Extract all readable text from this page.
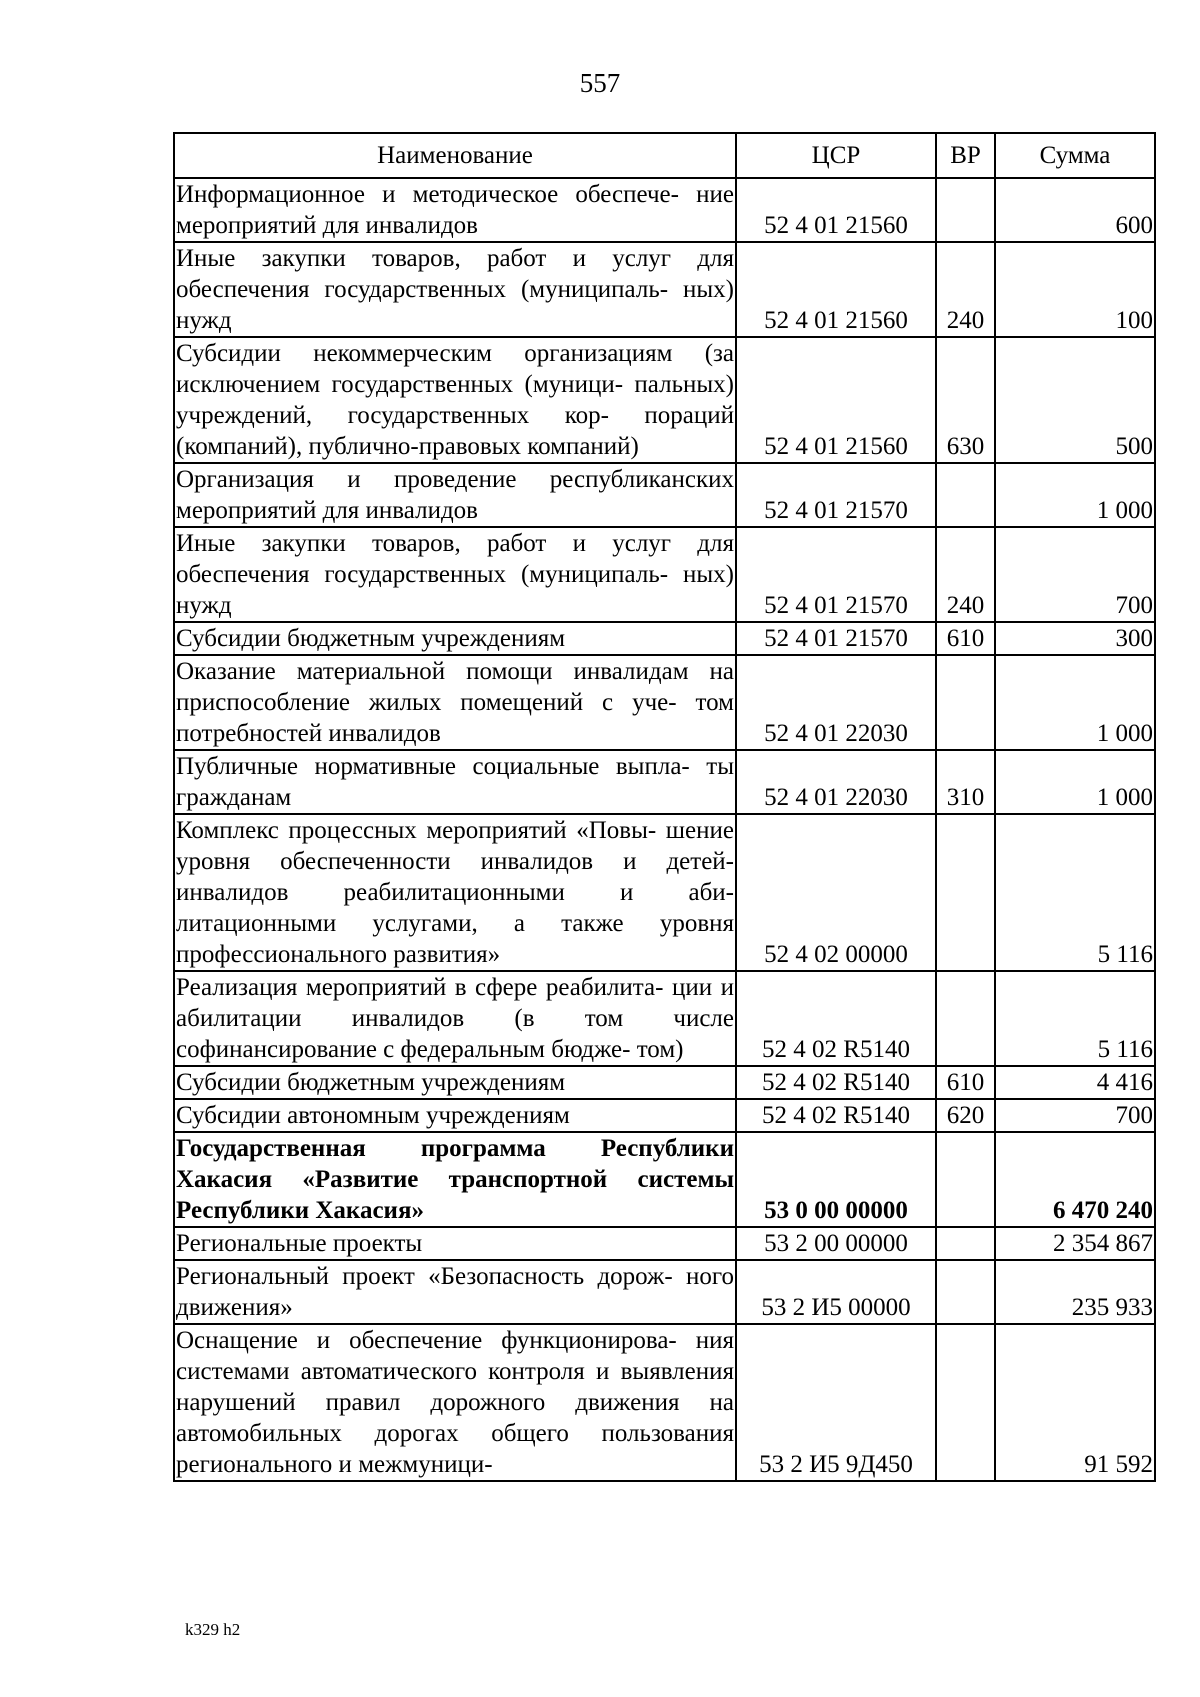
557
Наименование	ЦСР	ВР	Сумма
Информационное и методическое обеспече- ние мероприятий для инвалидов	52 4 01 21560		600
Иные закупки товаров, работ и услуг для обеспечения государственных (муниципаль- ных) нужд	52 4 01 21560	240	100
Субсидии некоммерческим организациям (за исключением государственных (муници- пальных) учреждений, государственных кор- пораций (компаний), публично-правовых компаний)	52 4 01 21560	630	500
Организация и проведение республиканских мероприятий для инвалидов	52 4 01 21570		1 000
Иные закупки товаров, работ и услуг для обеспечения государственных (муниципаль- ных) нужд	52 4 01 21570	240	700
Субсидии бюджетным учреждениям	52 4 01 21570	610	300
Оказание материальной помощи инвалидам на приспособление жилых помещений с уче- том потребностей инвалидов	52 4 01 22030		1 000
Публичные нормативные социальные выпла- ты гражданам	52 4 01 22030	310	1 000
Комплекс процессных мероприятий «Повы- шение уровня обеспеченности инвалидов и детей-инвалидов реабилитационными и аби- литационными услугами, а также уровня профессионального развития»	52 4 02 00000		5 116
Реализация мероприятий в сфере реабилита- ции и абилитации инвалидов (в том числе софинансирование с федеральным бюдже- том)	52 4 02 R5140		5 116
Субсидии бюджетным учреждениям	52 4 02 R5140	610	4 416
Субсидии автономным учреждениям	52 4 02 R5140	620	700
Государственная программа Республики Хакасия «Развитие транспортной системы Республики Хакасия»	53 0 00 00000		6 470 240
Региональные проекты	53 2 00 00000		2 354 867
Региональный проект «Безопасность дорож- ного движения»	53 2 И5 00000		235 933
Оснащение и обеспечение функционирова- ния системами автоматического контроля и выявления нарушений правил дорожного движения на автомобильных дорогах общего пользования регионального и межмуници-	53 2 И5 9Д450		91 592
k329 h2
